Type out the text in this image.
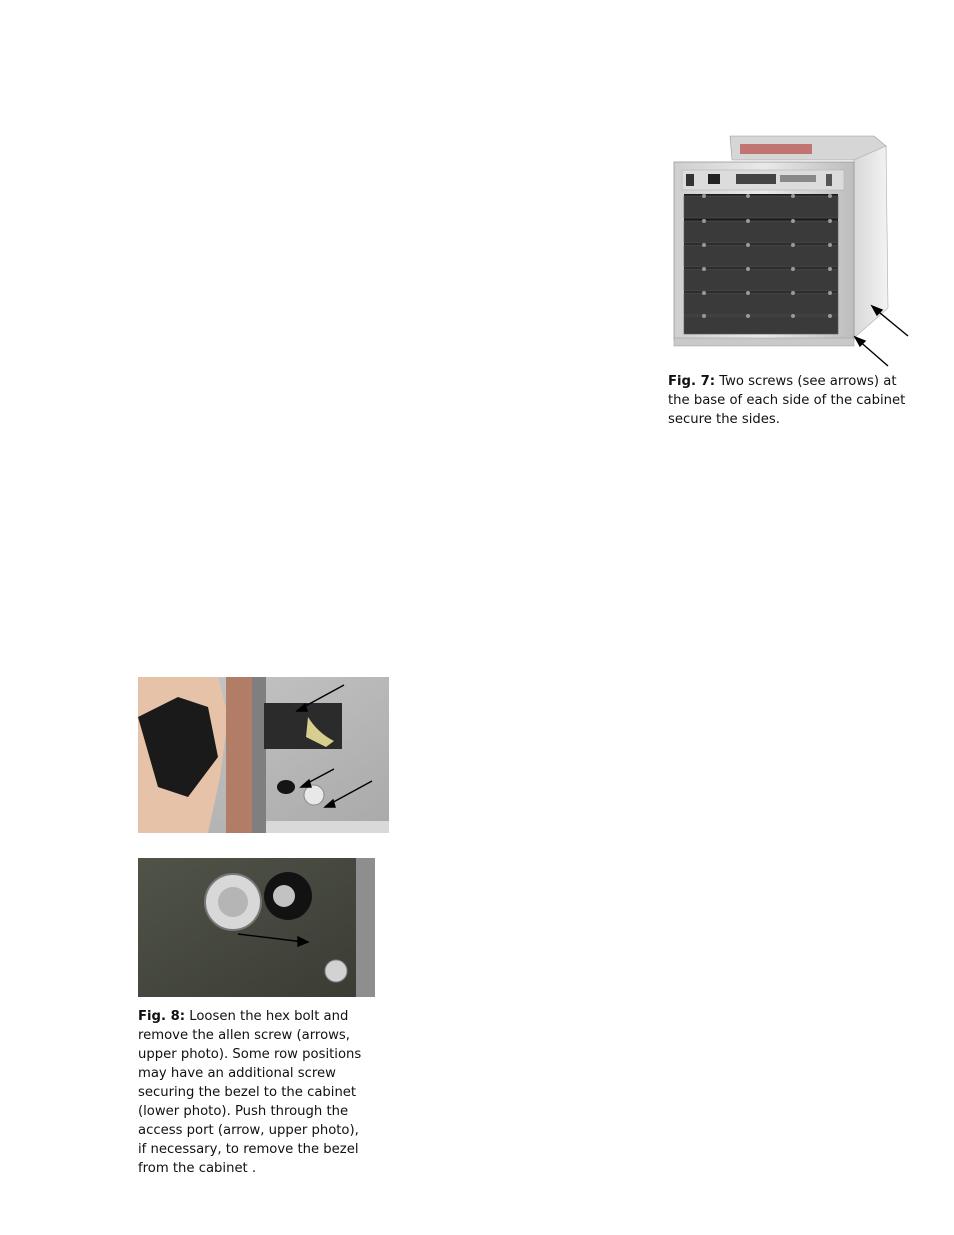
Fig. 7: Two screws (see arrows) at the base of each side of the cabinet secure the sides.
Fig. 8: Loosen the hex bolt and remove the allen screw (arrows, upper photo). Some row positions may have an additional screw securing the bezel to the cabinet (lower photo). Push through the access port (arrow, upper photo), if necessary, to remove the bezel from the cabinet .
